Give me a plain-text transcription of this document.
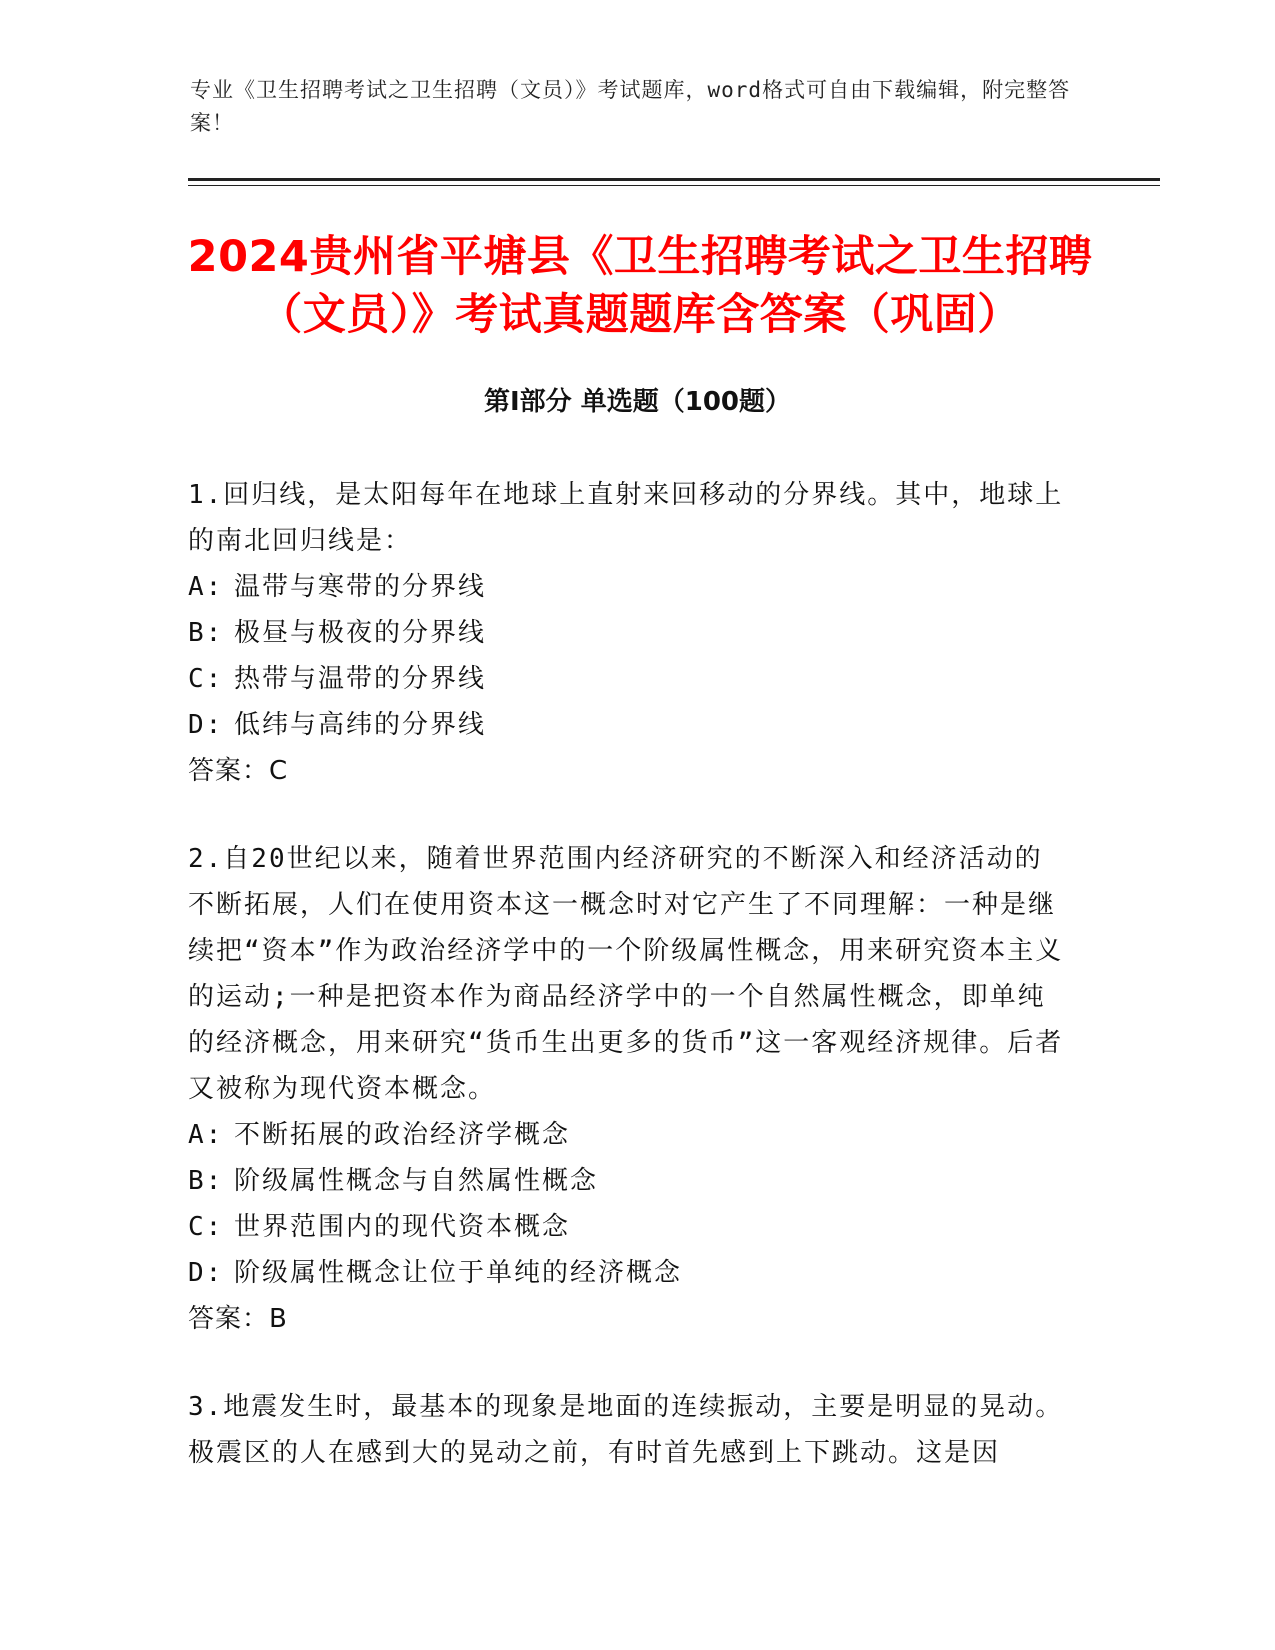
专业《卫生招聘考试之卫生招聘（文员）》考试题库，word格式可自由下载编辑，附完整答案！
2024贵州省平塘县《卫生招聘考试之卫生招聘（文员）》考试真题题库含答案（巩固）
第Ⅰ部分 单选题（100题）

1.回归线，是太阳每年在地球上直射来回移动的分界线。其中，地球上的南北回归线是：

A: 温带与寒带的分界线

B: 极昼与极夜的分界线

C: 热带与温带的分界线

D: 低纬与高纬的分界线

答案：C

2.自20世纪以来，随着世界范围内经济研究的不断深入和经济活动的不断拓展，人们在使用资本这一概念时对它产生了不同理解：一种是继续把“资本”作为政治经济学中的一个阶级属性概念，用来研究资本主义的运动;一种是把资本作为商品经济学中的一个自然属性概念，即单纯的经济概念，用来研究“货币生出更多的货币”这一客观经济规律。后者又被称为现代资本概念。

A: 不断拓展的政治经济学概念

B: 阶级属性概念与自然属性概念

C: 世界范围内的现代资本概念

D: 阶级属性概念让位于单纯的经济概念

答案：B

3.地震发生时，最基本的现象是地面的连续振动，主要是明显的晃动。极震区的人在感到大的晃动之前，有时首先感到上下跳动。这是因
